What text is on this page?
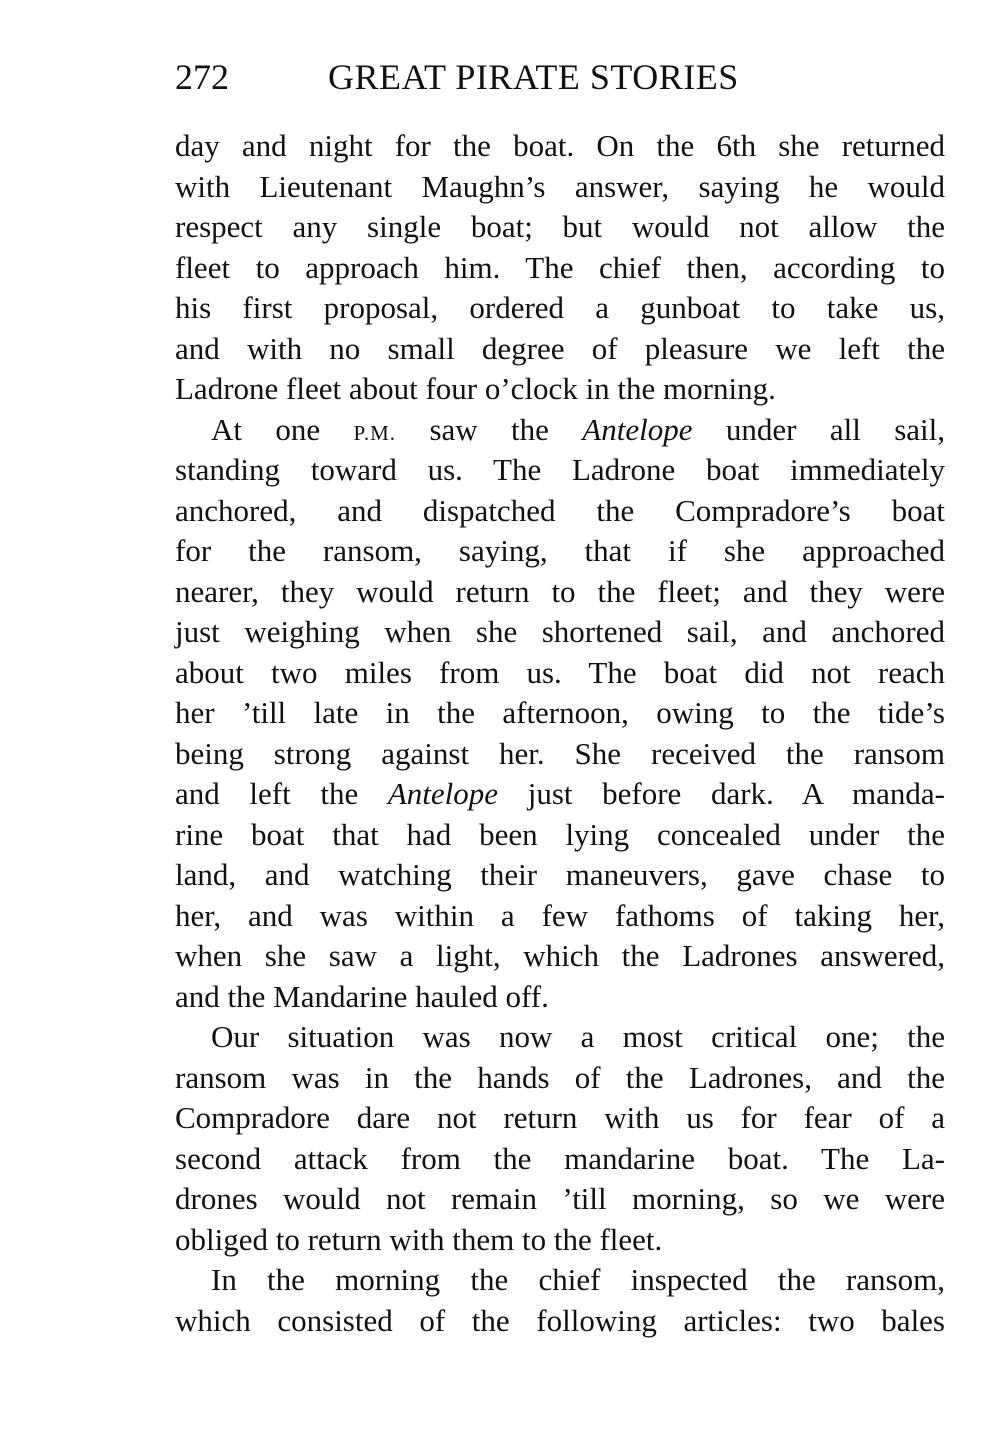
272	GREAT PIRATE STORIES
day and night for the boat. On the 6th she returned
with Lieutenant Maughn’s answer, saying he would
respect any single boat; but would not allow the
fleet to approach him. The chief then, according to
his first proposal, ordered a gunboat to take us,
and with no small degree of pleasure we left the
Ladrone fleet about four o’clock in the morning.
At one P.M. saw the Antelope under all sail,
standing toward us. The Ladrone boat immediately
anchored, and dispatched the Compradore’s boat
for the ransom, saying, that if she approached
nearer, they would return to the fleet; and they were
just weighing when she shortened sail, and anchored
about two miles from us. The boat did not reach
her ’till late in the afternoon, owing to the tide’s
being strong against her. She received the ransom
and left the Antelope just before dark. A manda-
rine boat that had been lying concealed under the
land, and watching their maneuvers, gave chase to
her, and was within a few fathoms of taking her,
when she saw a light, which the Ladrones answered,
and the Mandarine hauled off.
Our situation was now a most critical one; the
ransom was in the hands of the Ladrones, and the
Compradore dare not return with us for fear of a
second attack from the mandarine boat. The La-
drones would not remain ’till morning, so we were
obliged to return with them to the fleet.
In the morning the chief inspected the ransom,
which consisted of the following articles: two bales
